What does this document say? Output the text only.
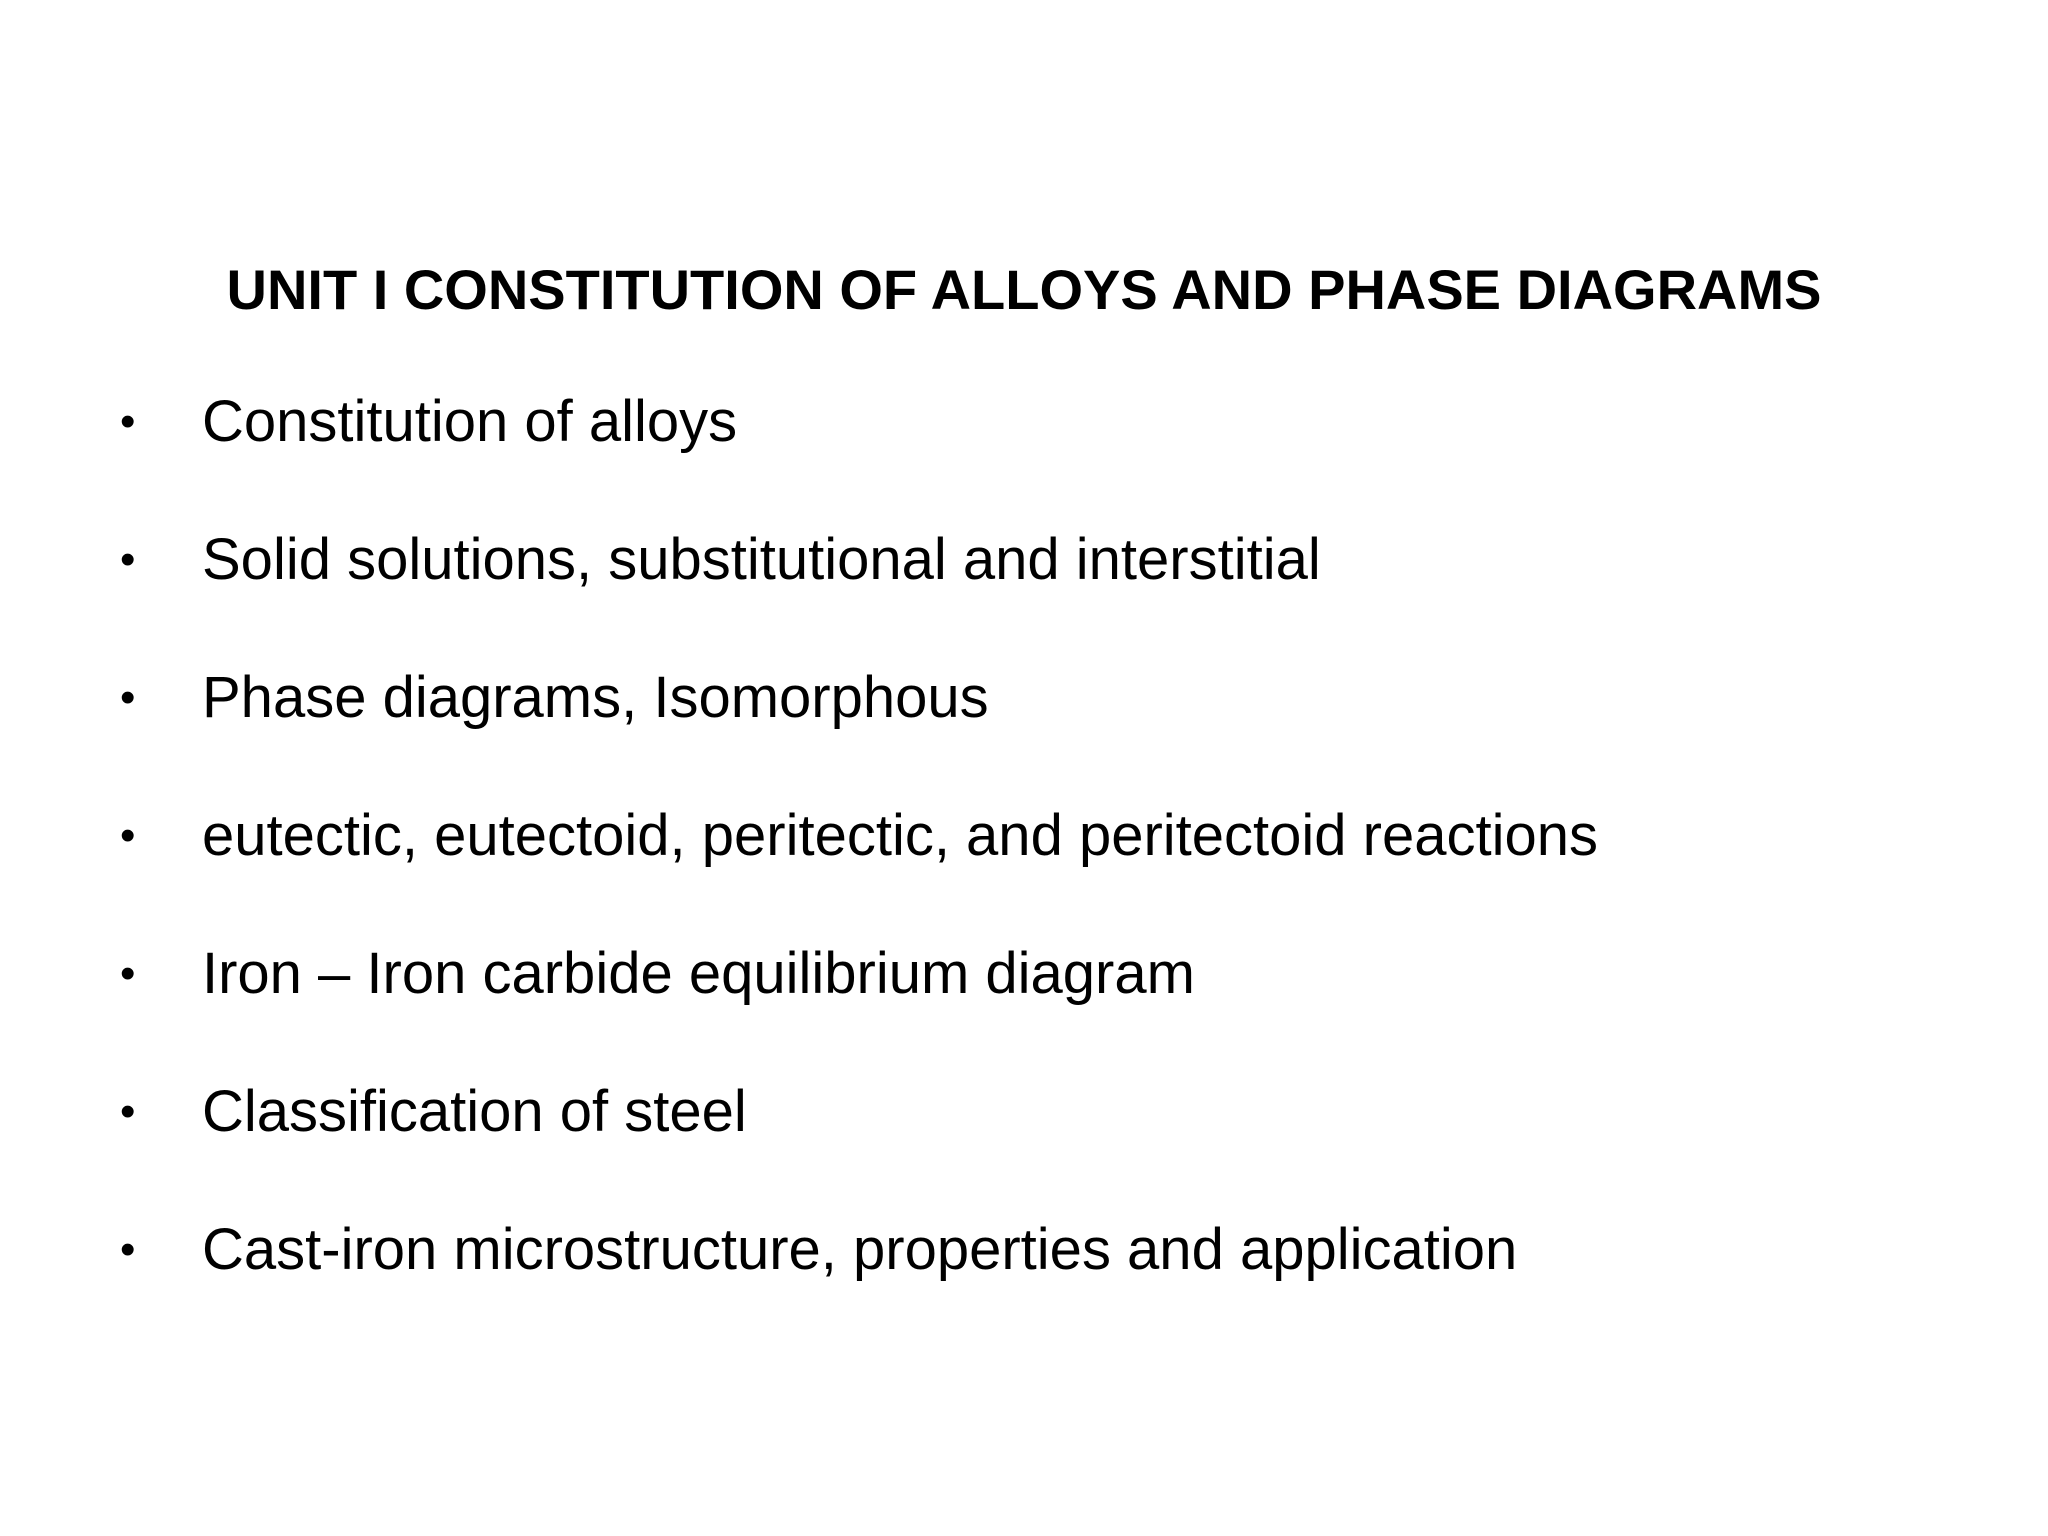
UNIT I CONSTITUTION OF ALLOYS AND PHASE DIAGRAMS
•	Constitution of alloys
•	Solid solutions, substitutional and interstitial
•	Phase diagrams, Isomorphous
•	eutectic, eutectoid, peritectic, and peritectoid reactions
•	Iron – Iron carbide equilibrium diagram
•	Classification of steel
•	Cast-iron microstructure, properties and application
